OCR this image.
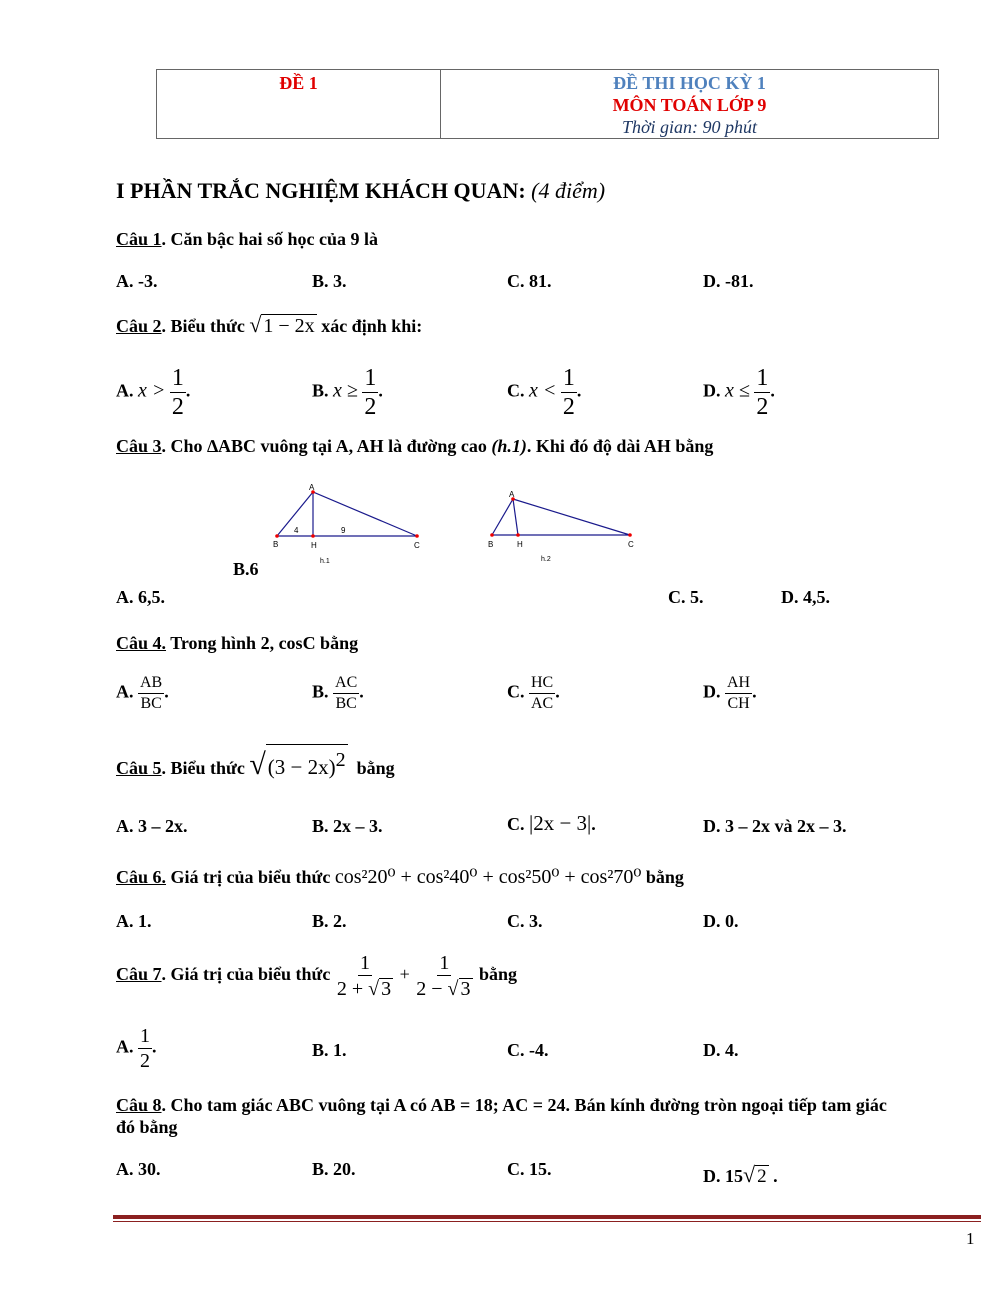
ĐỀ 1	ĐỀ THI HỌC KỲ 1
MÔN TOÁN LỚP 9
Thời gian: 90 phút
I PHẦN TRẮC NGHIỆM KHÁCH QUAN: (4 điểm)
Câu 1. Căn bậc hai số học của 9 là
A. -3.	B. 3.	C. 81.	D. -81.
Câu 2. Biểu thức √ 1 − 2x xác định khi:
A. $x > \frac{1}{2}$ .	B. $x \ge \frac{1}{2}$ .	C. $x < \frac{1}{2}$ .	D. $x \le \frac{1}{2}$ .
Câu 3. Cho ∆ABC vuông tại A, AH là đường cao (h.1). Khi đó độ dài AH bằng
A
B	H	C
4	9
h.1
A
B	H	C
h.2
B.6
A. 6,5.	C. 5.	D. 4,5.
Câu 4. Trong hình 2, cosC bằng
A. $\frac{AB}{BC}$ .	B. $\frac{AC}{BC}$ .	C. $\frac{HC}{AC}$ .	D. $\frac{AH}{CH}$ .
Câu 5. Biểu thức $√(3 - 2x)^2$ bằng
A. 3 – 2x.	B. 2x – 3.	C. |2x − 3|.	D. 3 – 2x và 2x – 3.
Câu 6. Giá trị của biểu thức cos²20⁰ + cos²40⁰ + cos²50⁰ + cos²70⁰ bằng
A. 1.	B. 2.	C. 3.	D. 0.
Câu 7. Giá trị của biểu thức $\frac{1}{2 + √ 3} + \frac{1}{2 - √ 3}$ bằng
A. $\frac{1}{2}$ .	B. 1.	C. -4.	D. 4.
Câu 8. Cho tam giác ABC vuông tại A có AB = 18; AC = 24. Bán kính đường tròn ngoại tiếp tam giác
đó bằng
A. 30.	B. 20.	C. 15.	D. 15√ 2 .
1
